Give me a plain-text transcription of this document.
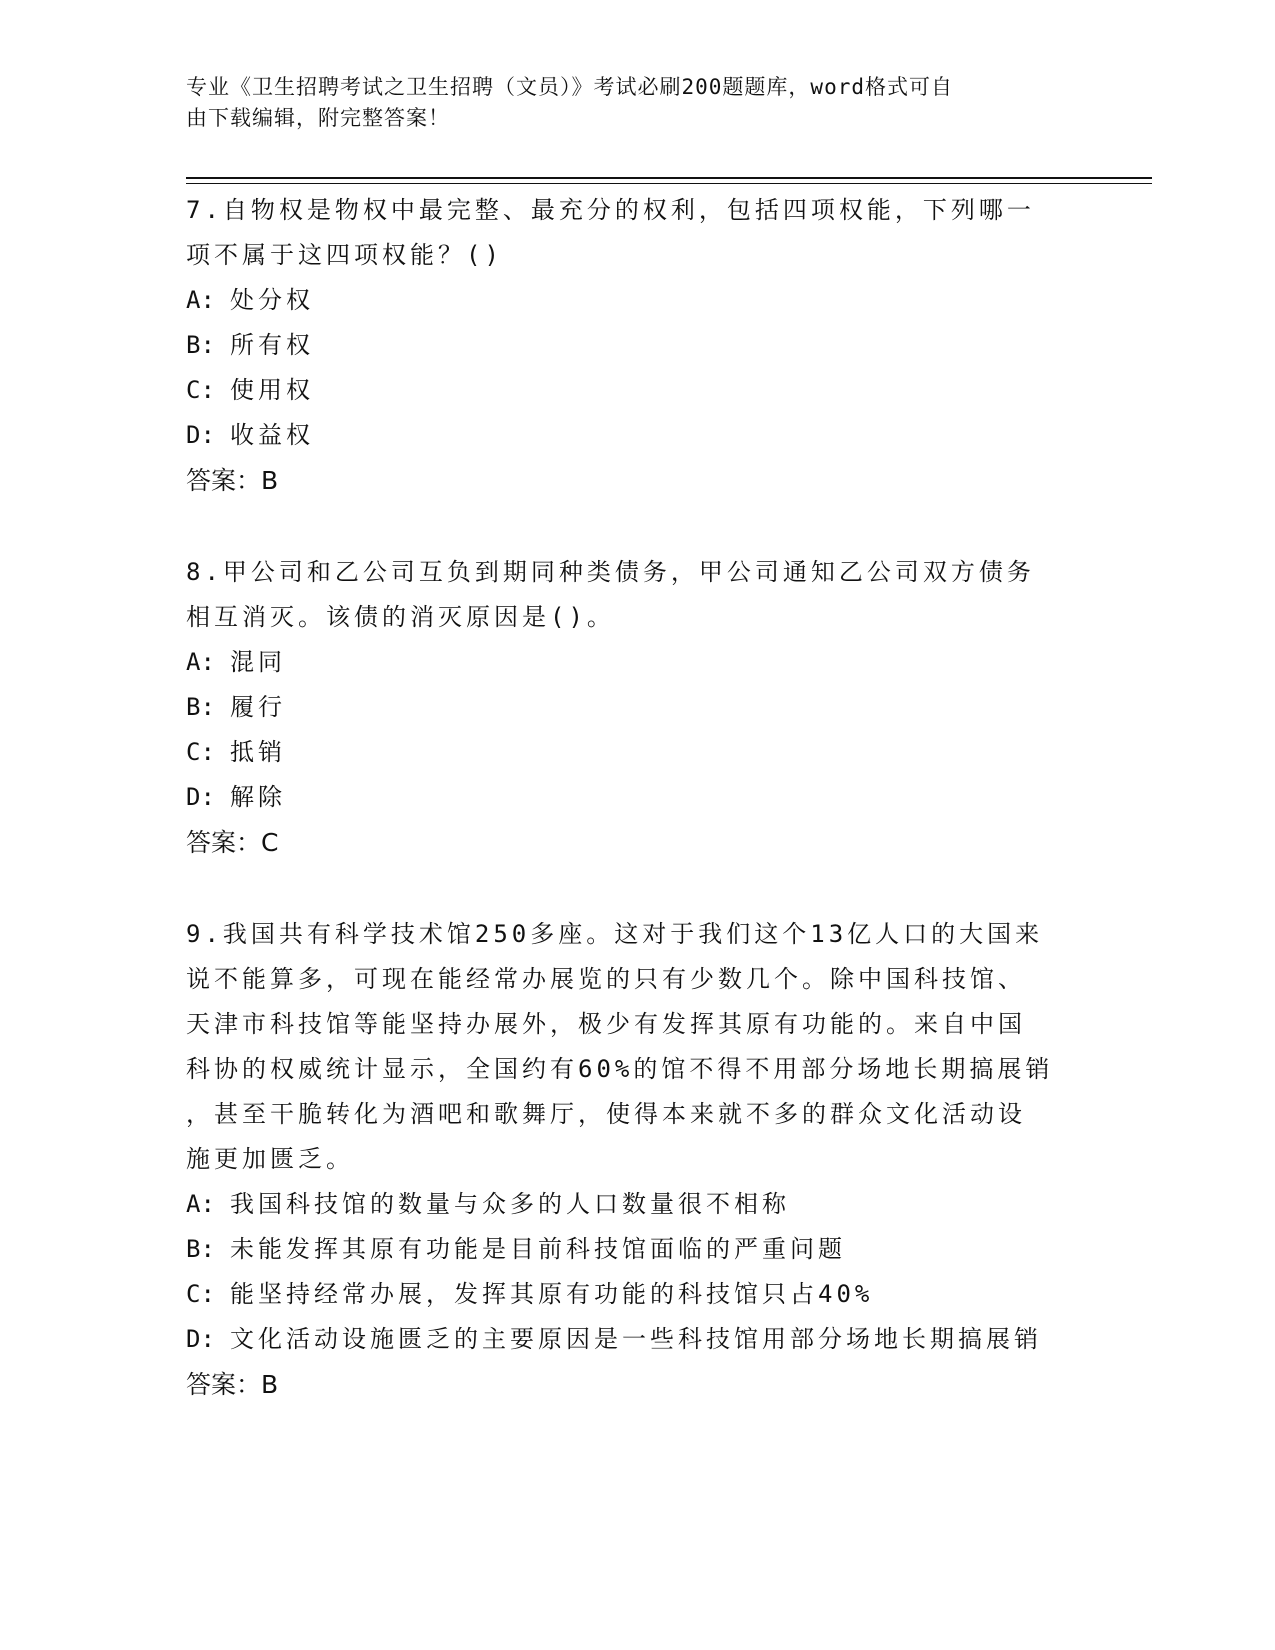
专业《卫生招聘考试之卫生招聘（文员）》考试必刷200题题库，word格式可自
由下载编辑，附完整答案！
7.自物权是物权中最完整、最充分的权利，包括四项权能，下列哪一
项不属于这四项权能？()
A: 处分权
B: 所有权
C: 使用权
D: 收益权
答案：B
8.甲公司和乙公司互负到期同种类债务，甲公司通知乙公司双方债务
相互消灭。该债的消灭原因是()。
A: 混同
B: 履行
C: 抵销
D: 解除
答案：C
9.我国共有科学技术馆250多座。这对于我们这个13亿人口的大国来
说不能算多，可现在能经常办展览的只有少数几个。除中国科技馆、
天津市科技馆等能坚持办展外，极少有发挥其原有功能的。来自中国
科协的权威统计显示，全国约有60%的馆不得不用部分场地长期搞展销
，甚至干脆转化为酒吧和歌舞厅，使得本来就不多的群众文化活动设
施更加匮乏。
A: 我国科技馆的数量与众多的人口数量很不相称
B: 未能发挥其原有功能是目前科技馆面临的严重问题
C: 能坚持经常办展，发挥其原有功能的科技馆只占40%
D: 文化活动设施匮乏的主要原因是一些科技馆用部分场地长期搞展销
答案：B
